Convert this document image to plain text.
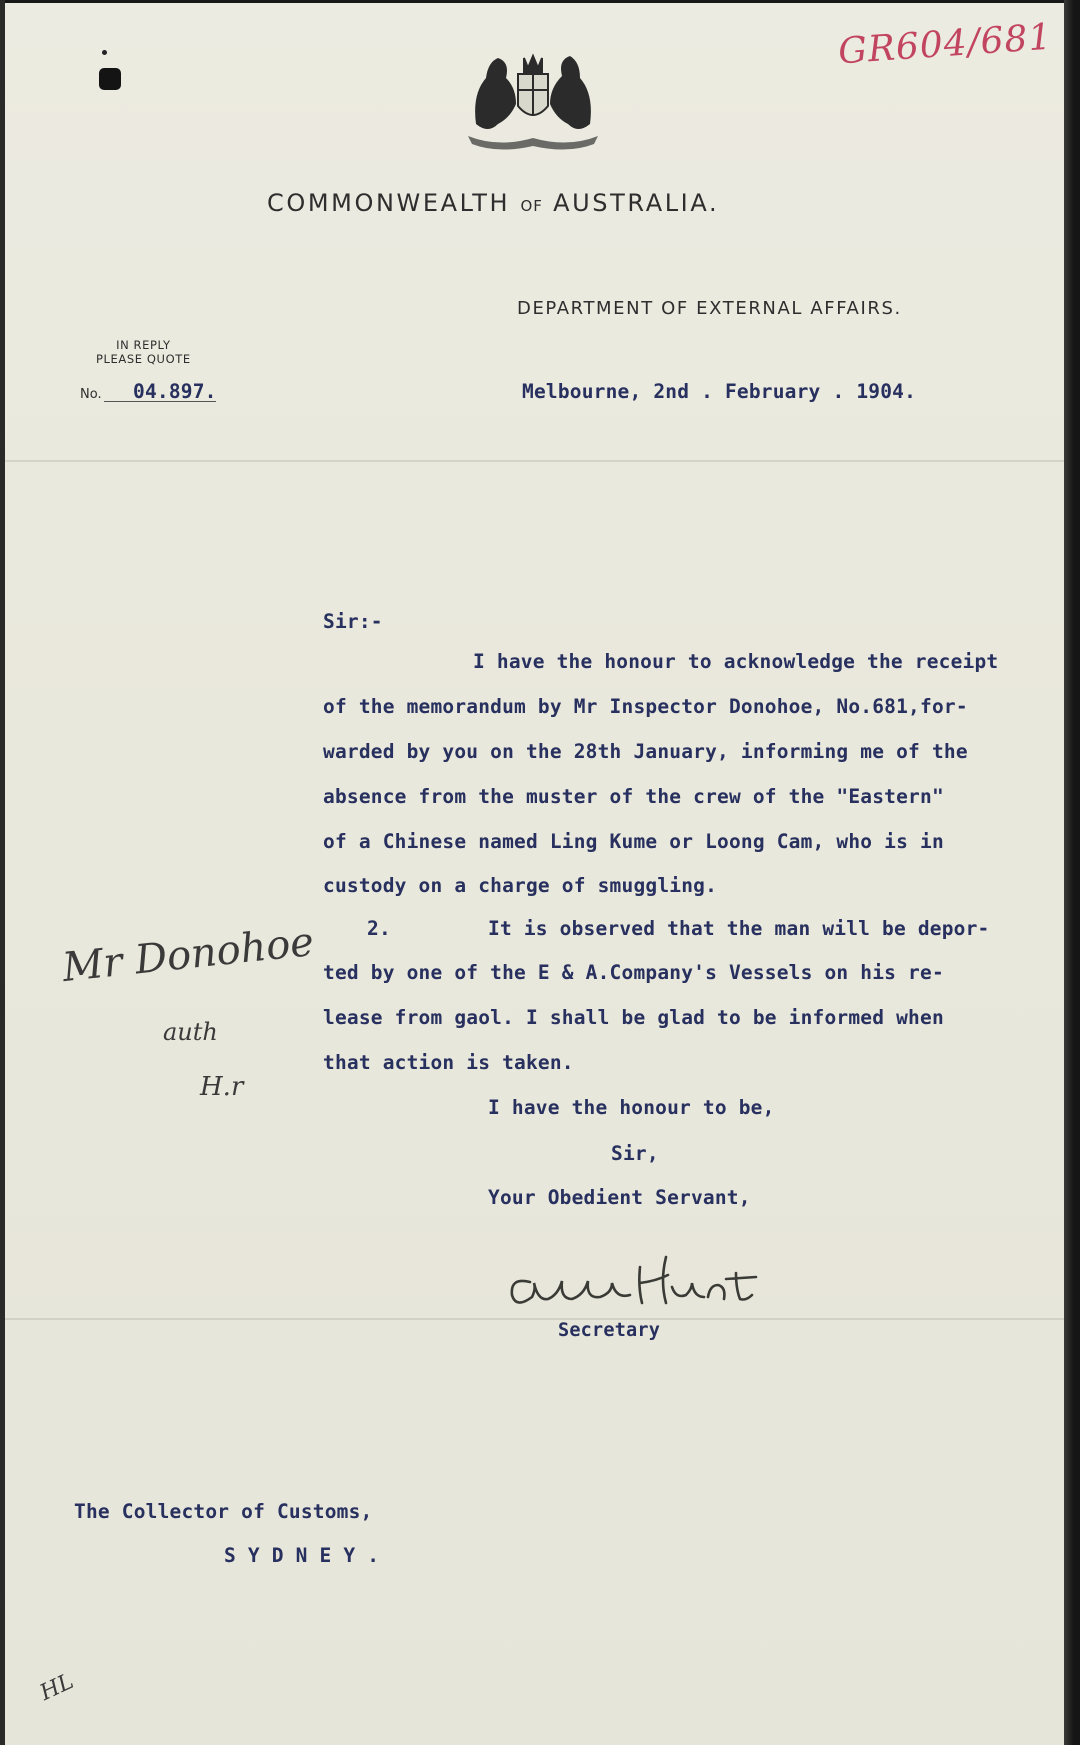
GR604/681
COMMONWEALTH OF AUSTRALIA.
DEPARTMENT OF EXTERNAL AFFAIRS.
IN REPLY
PLEASE QUOTE
No. 04.897.	Melbourne, 2nd . February . 1904.
Sir:-
I have the honour to acknowledge the receipt
of the memorandum by Mr Inspector Donohoe, No.681,for-
warded by you on the 28th January, informing me of the
absence from the muster of the crew of the "Eastern"
of a Chinese named Ling Kume or Loong Cam, who is in
custody on a charge of smuggling.
2.	It is observed that the man will be depor-
ted by one of the E & A.Company's Vessels on his re-
lease from gaol. I shall be glad to be informed when
that action is taken.
I have the honour to be,
Sir,
Your Obedient Servant,
Secretary
The Collector of Customs,
S Y D N E Y .
Mr Donohoe
auth
H.r
HL
